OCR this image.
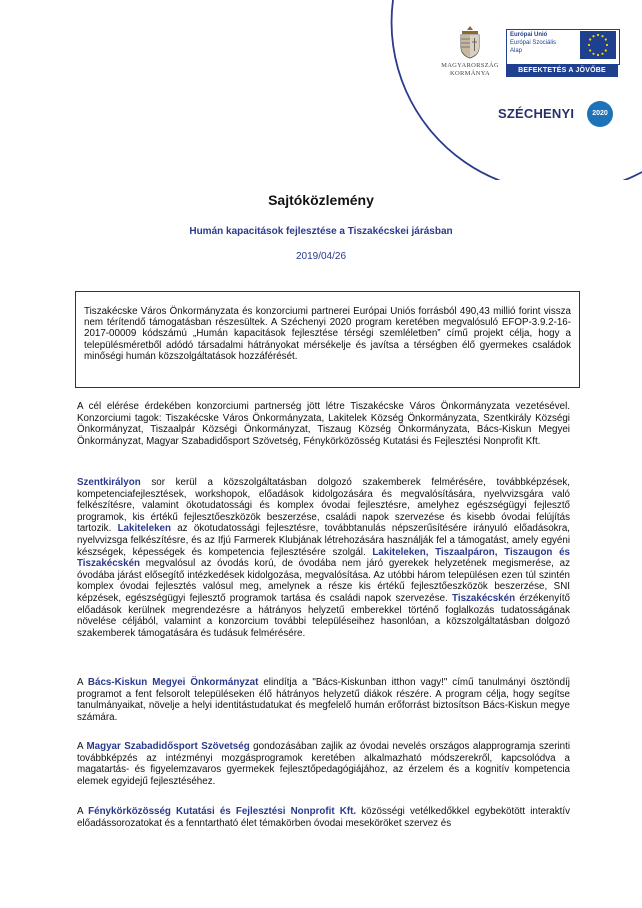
MAGYARORSZÁG
KORMÁNYA
Európai Unió
Európai Szociális
Alap
BEFEKTETÉS A JÖVŐBE
SZÉCHENYI	2020
Sajtóközlemény
Humán kapacitások fejlesztése a Tiszakécskei járásban
2019/04/26
Tiszakécske Város Önkormányzata és konzorciumi partnerei Európai Uniós forrásból 490,43 millió forint vissza nem térítendő támogatásban részesültek. A Széchenyi 2020 program keretében megvalósuló EFOP-3.9.2-16-2017-00009 kódszámú „Humán kapacitások fejlesztése térségi szemléletben” című projekt célja, hogy a településméretből adódó társadalmi hátrányokat mérsékelje és javítsa a térségben élő gyermekes családok minőségi humán közszolgáltatások hozzáférését.
A cél elérése érdekében konzorciumi partnerség jött létre Tiszakécske Város Önkormányzata vezetésével. Konzorciumi tagok: Tiszakécske Város Önkormányzata, Lakitelek Község Önkormányzata, Szentkirály Községi Önkormányzat, Tiszaalpár Községi Önkormányzat, Tiszaug Község Önkormányzata, Bács-Kiskun Megyei Önkormányzat, Magyar Szabadidősport Szövetség, Fénykörközösség Kutatási és Fejlesztési Nonprofit Kft.
Szentkirályon sor kerül a közszolgáltatásban dolgozó szakemberek felmérésére, továbbképzések, kompetenciafejlesztések, workshopok, előadások kidolgozására és megvalósítására, nyelvvizsgára való felkészítésre, valamint ökotudatossági és komplex óvodai fejlesztésre, amelyhez egészségügyi fejlesztő programok, kis értékű fejlesztőeszközök beszerzése, családi napok szervezése és kisebb óvodai felújítás tartozik. Lakiteleken az ökotudatossági fejlesztésre, továbbtanulás népszerűsítésére irányuló előadásokra, nyelvvizsga felkészítésre, és az Ifjú Farmerek Klubjának létrehozására használják fel a támogatást, amely egyéni készségek, képességek és kompetencia fejlesztésére szolgál. Lakiteleken, Tiszaalpáron, Tiszaugon és Tiszakécskén megvalósul az óvodás korú, de óvodába nem járó gyerekek helyzetének megismerése, az óvodába járást elősegítő intézkedések kidolgozása, megvalósítása. Az utóbbi három településen ezen túl szintén komplex óvodai fejlesztés valósul meg, amelynek a része kis értékű fejlesztőeszközök beszerzése, SNI képzések, egészségügyi fejlesztő programok tartása és családi napok szervezése. Tiszakécskén érzékenyítő előadások kerülnek megrendezésre a hátrányos helyzetű emberekkel történő foglalkozás tudatosságának növelése céljából, valamint a konzorcium további településeihez hasonlóan, a közszolgáltatásban dolgozó szakemberek támogatására és tudásuk felmérésére.
A Bács-Kiskun Megyei Önkormányzat elindítja a "Bács-Kiskunban itthon vagy!" című tanulmányi ösztöndíj programot a fent felsorolt településeken élő hátrányos helyzetű diákok részére. A program célja, hogy segítse tanulmányaikat, növelje a helyi identitástudatukat és megfelelő humán erőforrást biztosítson Bács-Kiskun megye számára.
A Magyar Szabadidősport Szövetség gondozásában zajlik az óvodai nevelés országos alapprogramja szerinti továbbképzés az intézményi mozgásprogramok keretében alkalmazható módszerekről, kapcsolódva a magatartás- és figyelemzavaros gyermekek fejlesztőpedagógiájához, az érzelem és a kognitív kompetencia elemek egyidejű fejlesztéséhez.
A Fénykörközösség Kutatási és Fejlesztési Nonprofit Kft. közösségi vetélkedőkkel egybekötött interaktív előadássorozatokat és a fenntartható élet témakörben óvodai meseköröket szervez és
